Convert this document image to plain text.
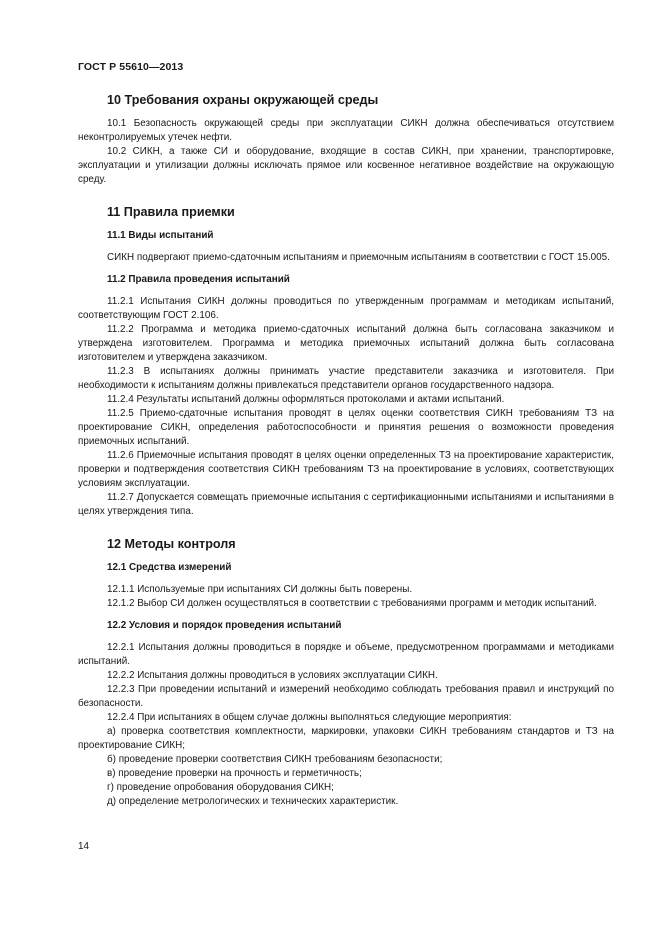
ГОСТ Р 55610—2013
10 Требования охраны окружающей среды

10.1 Безопасность окружающей среды при эксплуатации СИКН должна обеспечиваться отсутствием неконтролируемых утечек нефти.

10.2 СИКН, а также СИ и оборудование, входящие в состав СИКН, при хранении, транспортировке, эксплуатации и утилизации должны исключать прямое или косвенное негативное воздействие на окружающую среду.

11 Правила приемки
11.1 Виды испытаний

СИКН подвергают приемо-сдаточным испытаниям и приемочным испытаниям в соответствии с ГОСТ 15.005.

11.2 Правила проведения испытаний

11.2.1 Испытания СИКН должны проводиться по утвержденным программам и методикам испытаний, соответствующим ГОСТ 2.106.

11.2.2 Программа и методика приемо-сдаточных испытаний должна быть согласована заказчиком и утверждена изготовителем. Программа и методика приемочных испытаний должна быть согласована изготовителем и утверждена заказчиком.

11.2.3 В испытаниях должны принимать участие представители заказчика и изготовителя. При необходимости к испытаниям должны привлекаться представители органов государственного надзора.

11.2.4 Результаты испытаний должны оформляться протоколами и актами испытаний.

11.2.5 Приемо-сдаточные испытания проводят в целях оценки соответствия СИКН требованиям ТЗ на проектирование СИКН, определения работоспособности и принятия решения о возможности проведения приемочных испытаний.

11.2.6 Приемочные испытания проводят в целях оценки определенных ТЗ на проектирование характеристик, проверки и подтверждения соответствия СИКН требованиям ТЗ на проектирование в условиях, соответствующих условиям эксплуатации.

11.2.7 Допускается совмещать приемочные испытания с сертификационными испытаниями и испытаниями в целях утверждения типа.

12 Методы контроля
12.1 Средства измерений

12.1.1 Используемые при испытаниях СИ должны быть поверены.

12.1.2 Выбор СИ должен осуществляться в соответствии с требованиями программ и методик испытаний.

12.2 Условия и порядок проведения испытаний

12.2.1 Испытания должны проводиться в порядке и объеме, предусмотренном программами и методиками испытаний.

12.2.2 Испытания должны проводиться в условиях эксплуатации СИКН.

12.2.3 При проведении испытаний и измерений необходимо соблюдать требования правил и инструкций по безопасности.

12.2.4 При испытаниях в общем случае должны выполняться следующие мероприятия:

а) проверка соответствия комплектности, маркировки, упаковки СИКН требованиям стандартов и ТЗ на проектирование СИКН;

б) проведение проверки соответствия СИКН требованиям безопасности;

в) проведение проверки на прочность и герметичность;

г) проведение опробования оборудования СИКН;

д) определение метрологических и технических характеристик.

14
